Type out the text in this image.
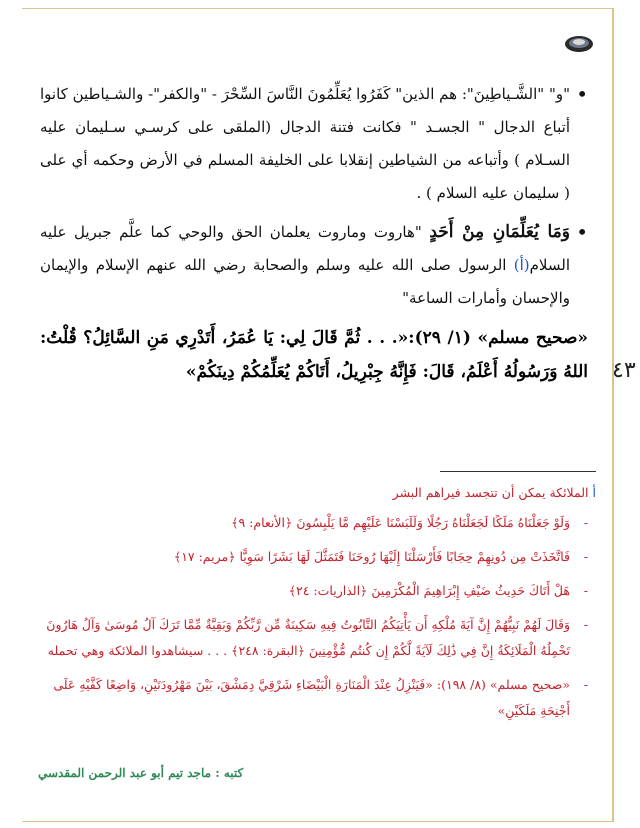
• "و" "الشَّـياطِينَ": هم الذين" كَفَرُوا يُعَلِّمُونَ النَّاسَ السِّحْرَ - "والكفر"- والشـياطين كانوا أتباع الدجال " الجسـد " فكانت فتنة الدجال (الملقى على كرسـي سـليمان عليه السـلام ) وأتباعه من الشياطين إنقلابا على الخليفة المسلم في الأرض وحكمه أي على ( سليمان عليه السلام ) .

• وَمَا يُعَلِّمَانِ مِنْ أَحَدٍ "هاروت وماروت يعلمان الحق والوحي كما علَّم جبريل عليه السلام(أ) الرسول صلى الله عليه وسلم والصحابة رضي الله عنهم الإسلام والإيمان والإحسان وأمارات الساعة"

«صحيح مسلم» (١/ ٢٩):«. . . ثُمَّ قَالَ لِي: يَا عُمَرُ، أَتَدْرِي مَنِ السَّائِلُ؟ قُلْتُ: اللهُ وَرَسُولُهُ أَعْلَمُ، قَالَ: فَإِنَّهُ جِبْرِيلُ، أَتَاكُمْ يُعَلِّمُكُمْ دِينَكُمْ»	٤٣

أ الملائكة يمكن أن تتجسد فيراهم البشر

- وَلَوْ جَعَلْنَاهُ مَلَكًا لَجَعَلْنَاهُ رَجُلًا وَلَلَبَسْنَا عَلَيْهِم مَّا يَلْبِسُونَ ﴿الأنعام: ٩﴾

- فَاتَّخَذَتْ مِن دُونِهِمْ حِجَابًا فَأَرْسَلْنَا إِلَيْهَا رُوحَنَا فَتَمَثَّلَ لَهَا بَشَرًا سَوِيًّا ﴿مريم: ١٧﴾

- هَلْ أَتَاكَ حَدِيثُ ضَيْفِ إِبْرَاهِيمَ الْمُكْرَمِينَ ﴿الذاريات: ٢٤﴾

- وَقَالَ لَهُمْ نَبِيُّهُمْ إِنَّ آيَةَ مُلْكِهِ أَن يَأْتِيَكُمُ التَّابُوتُ فِيهِ سَكِينَةٌ مِّن رَّبِّكُمْ وَبَقِيَّةٌ مِّمَّا تَرَكَ آلُ مُوسَىٰ وَآلُ هَارُونَ تَحْمِلُهُ الْمَلَائِكَةُ إِنَّ فِي ذَٰلِكَ لَآيَةً لَّكُمْ إِن كُنتُم مُّؤْمِنِينَ ﴿البقرة: ٢٤٨﴾ . . . سيشاهدوا الملائكة وهي تحمله

- «صحيح مسلم» (٨/ ١٩٨): «فَيَنْزِلُ عِنْدَ الْمَنَارَةِ الْبَيْضَاءِ شَرْقِيَّ دِمَشْقَ، بَيْنَ مَهْرُودَتَيْنِ، وَاضِعًا كَفَّيْهِ عَلَى أَجْنِحَةِ مَلَكَيْنِ»

كتبه : ماجد تيم أبو عبد الرحمن المقدسي
